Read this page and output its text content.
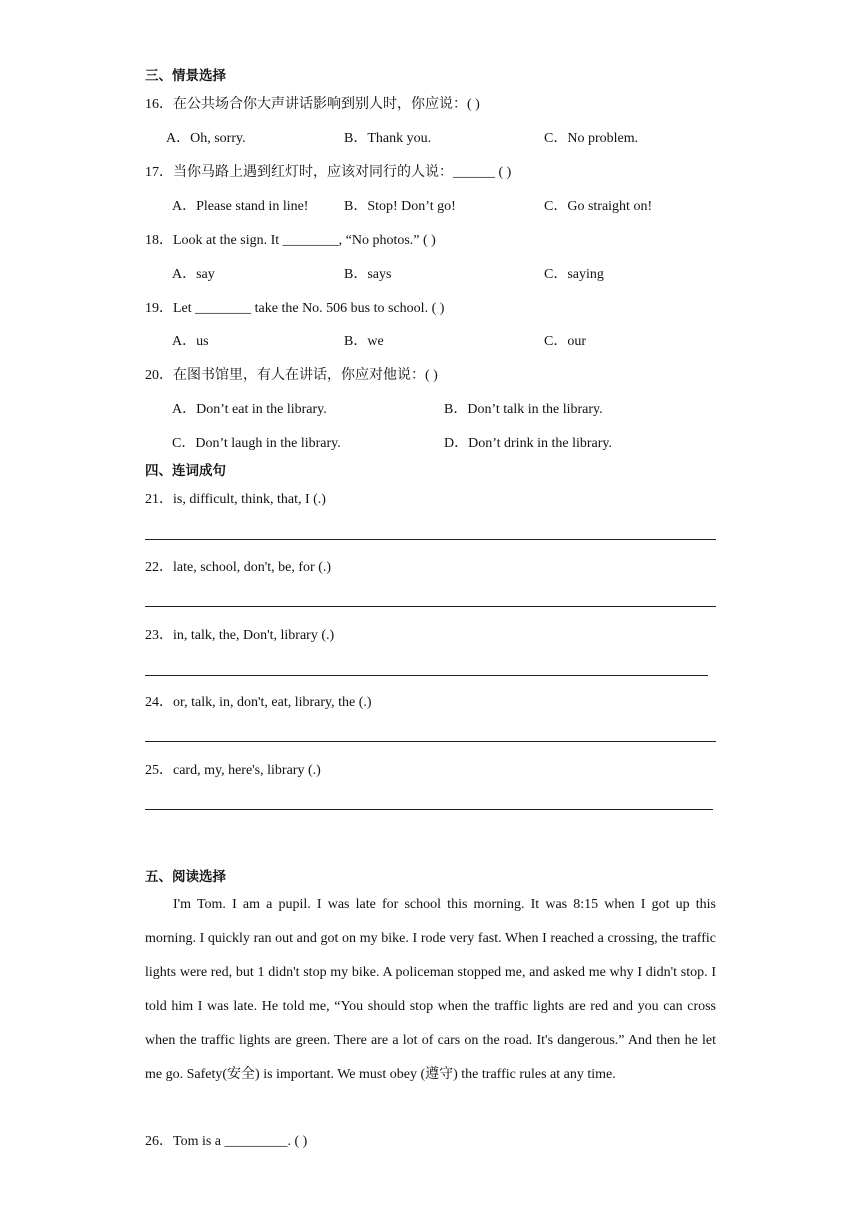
三、情景选择
16．在公共场合你大声讲话影响到别人时，你应说：( )
A．Oh, sorry.	B．Thank you.	C．No problem.
17．当你马路上遇到红灯时，应该对同行的人说：______ ( )
A．Please stand in line!	B．Stop! Don’t go!	C．Go straight on!
18．Look at the sign. It ________, “No photos.” ( )
A．say	B．says	C．saying
19．Let ________ take the No. 506 bus to school. ( )
A．us	B．we	C．our
20．在图书馆里，有人在讲话，你应对他说：( )
A．Don’t eat in the library.	B．Don’t talk in the library.
C．Don’t laugh in the library.	D．Don’t drink in the library.
四、连词成句
21．is, difficult, think, that, I (.)
22．late, school, don't, be, for (.)
23．in, talk, the, Don't, library (.)
24．or, talk, in, don't, eat, library, the (.)
25．card, my, here's, library (.)
五、阅读选择

I'm Tom. I am a pupil. I was late for school this morning. It was 8:15 when I got up this morning. I quickly ran out and got on my bike. I rode very fast. When I reached a crossing, the traffic lights were red, but 1 didn't stop my bike. A policeman stopped me, and asked me why I didn't stop. I told him I was late. He told me, “You should stop when the traffic lights are red and you can cross when the traffic lights are green. There are a lot of cars on the road. It's dangerous.” And then he let me go. Safety(安全) is important. We must obey (遵守) the traffic rules at any time.

26．Tom is a _________. ( )
